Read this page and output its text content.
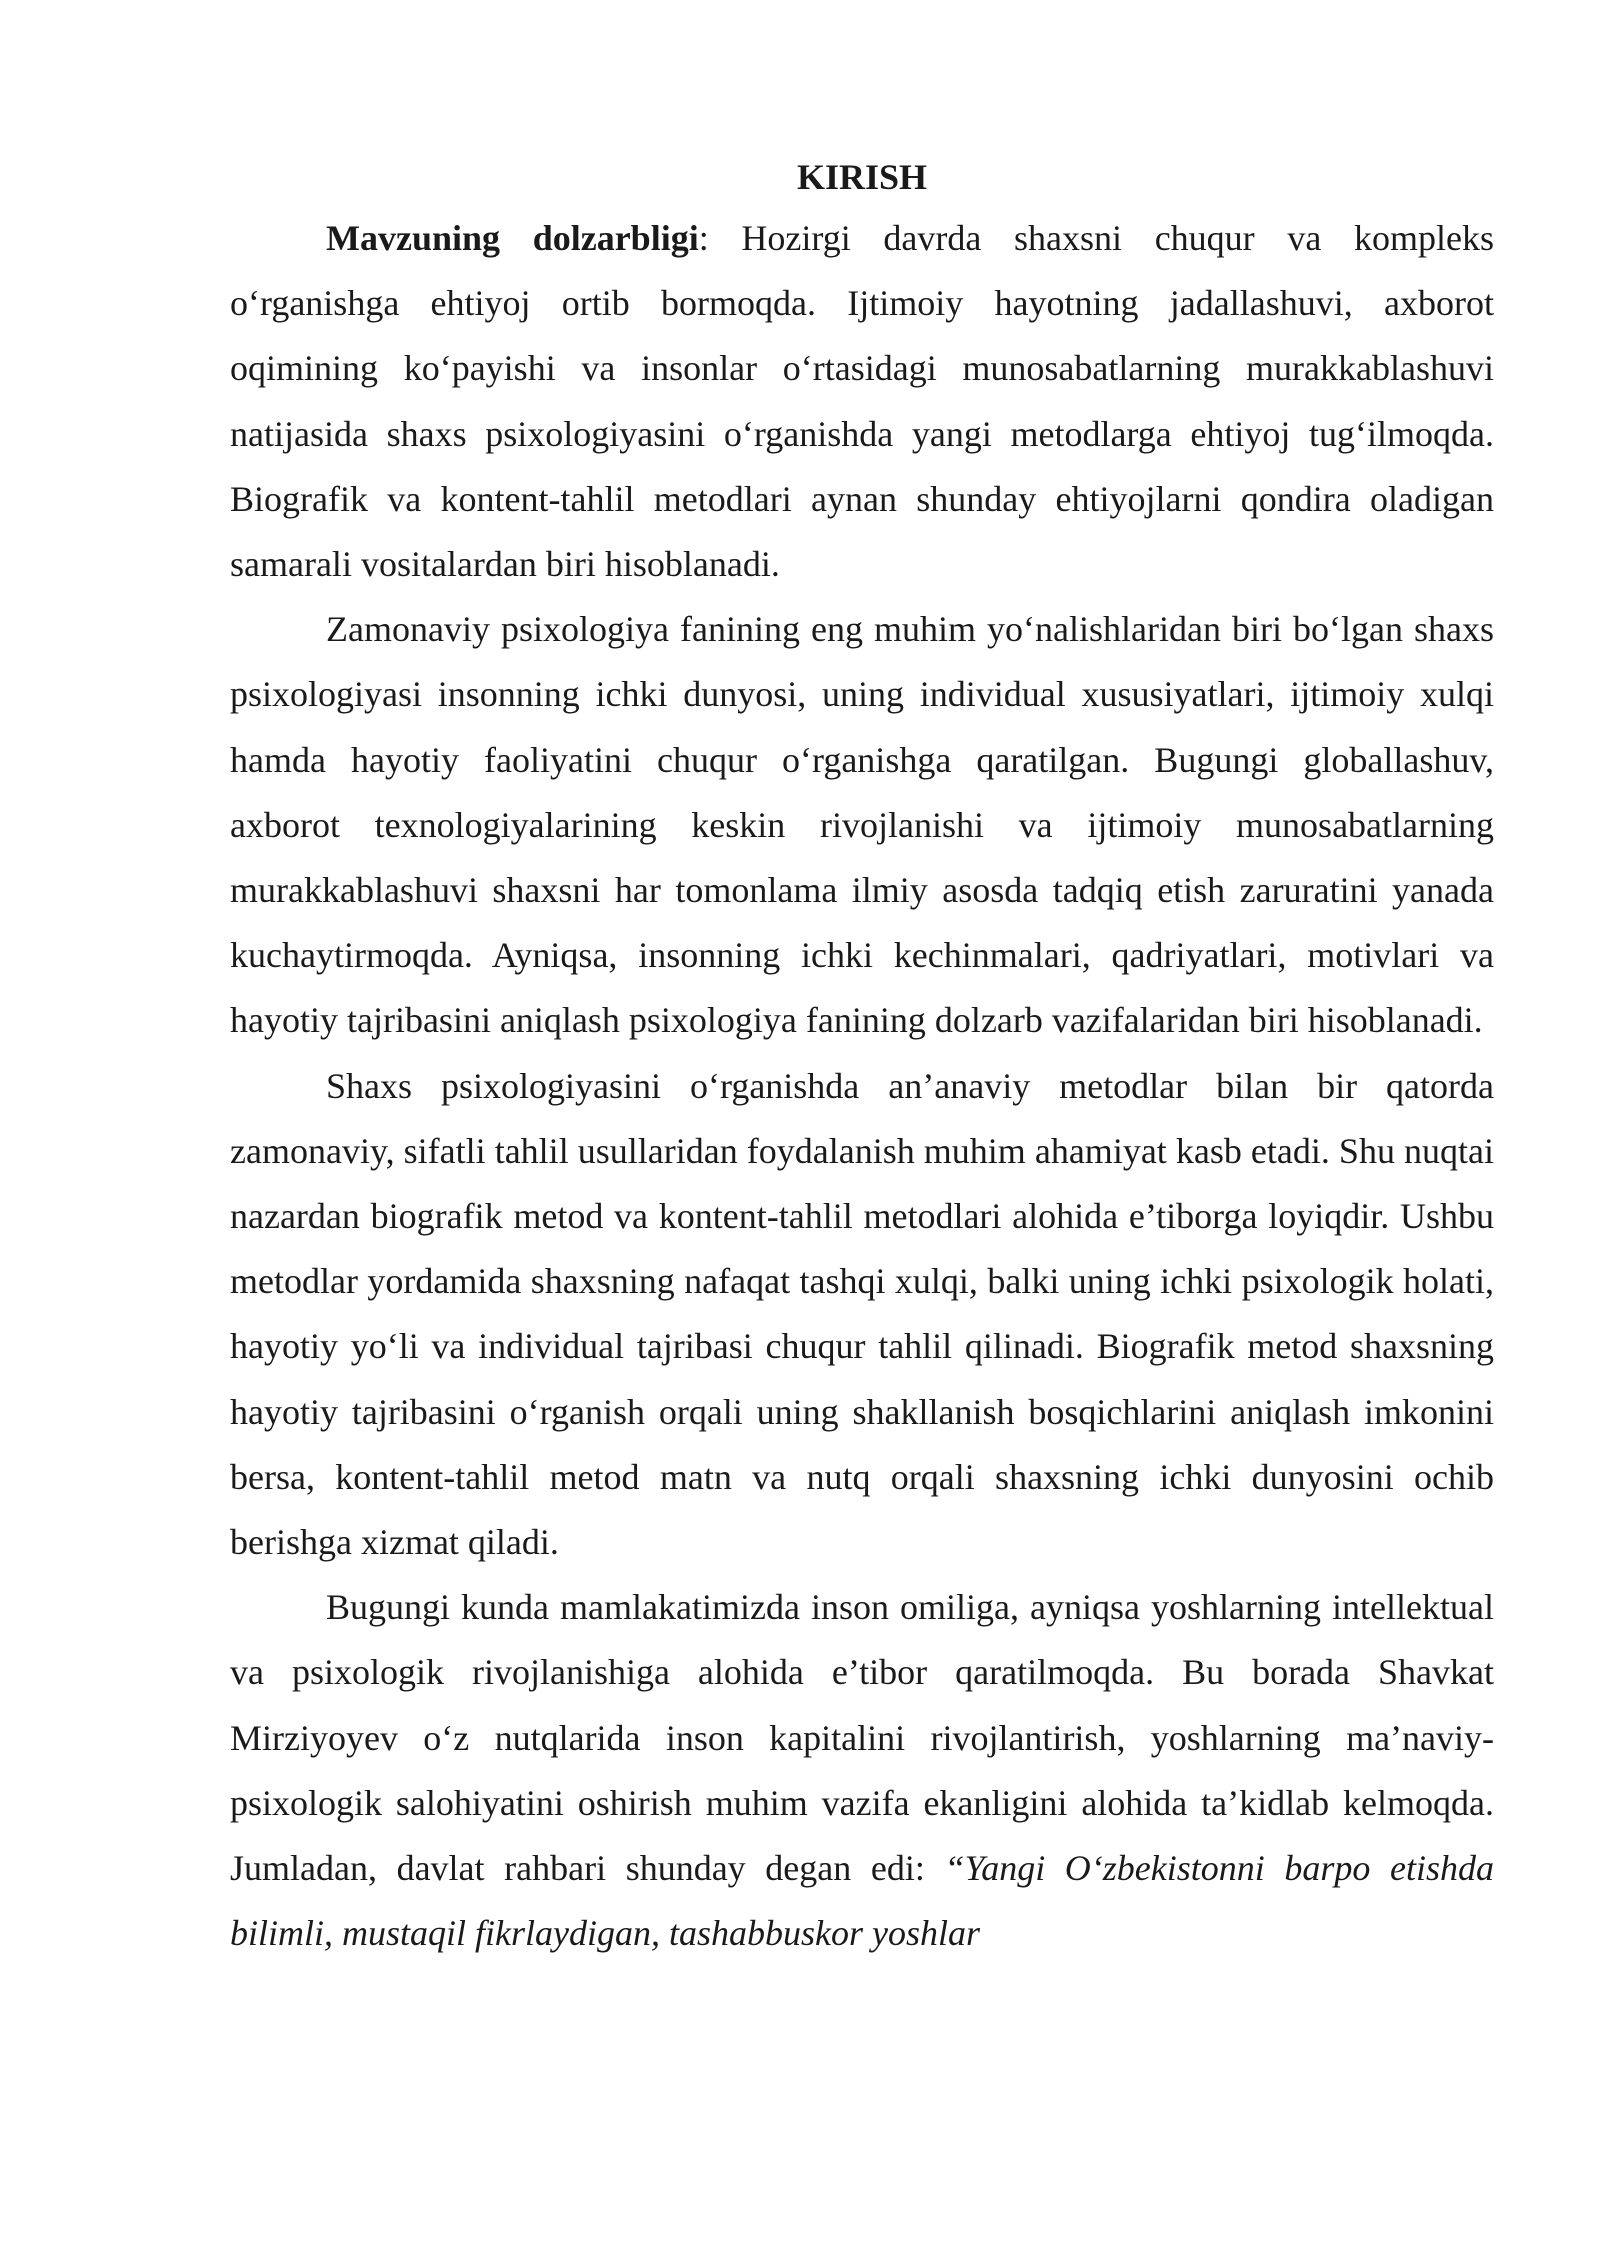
KIRISH

Mavzuning dolzarbligi: Hozirgi davrda shaxsni chuqur va kompleks o‘rganishga ehtiyoj ortib bormoqda. Ijtimoiy hayotning jadallashuvi, axborot oqimining ko‘payishi va insonlar o‘rtasidagi munosabatlarning murakkablashuvi natijasida shaxs psixologiyasini o‘rganishda yangi metodlarga ehtiyoj tug‘ilmoqda. Biografik va kontent-tahlil metodlari aynan shunday ehtiyojlarni qondira oladigan samarali vositalardan biri hisoblanadi.

Zamonaviy psixologiya fanining eng muhim yo‘nalishlaridan biri bo‘lgan shaxs psixologiyasi insonning ichki dunyosi, uning individual xususiyatlari, ijtimoiy xulqi hamda hayotiy faoliyatini chuqur o‘rganishga qaratilgan. Bugungi globallashuv, axborot texnologiyalarining keskin rivojlanishi va ijtimoiy munosabatlarning murakkablashuvi shaxsni har tomonlama ilmiy asosda tadqiq etish zaruratini yanada kuchaytirmoqda. Ayniqsa, insonning ichki kechinmalari, qadriyatlari, motivlari va hayotiy tajribasini aniqlash psixologiya fanining dolzarb vazifalaridan biri hisoblanadi.

Shaxs psixologiyasini o‘rganishda an’anaviy metodlar bilan bir qatorda zamonaviy, sifatli tahlil usullaridan foydalanish muhim ahamiyat kasb etadi. Shu nuqtai nazardan biografik metod va kontent-tahlil metodlari alohida e’tiborga loyiqdir. Ushbu metodlar yordamida shaxsning nafaqat tashqi xulqi, balki uning ichki psixologik holati, hayotiy yo‘li va individual tajribasi chuqur tahlil qilinadi. Biografik metod shaxsning hayotiy tajribasini o‘rganish orqali uning shakllanish bosqichlarini aniqlash imkonini bersa, kontent-tahlil metod matn va nutq orqali shaxsning ichki dunyosini ochib berishga xizmat qiladi.

Bugungi kunda mamlakatimizda inson omiliga, ayniqsa yoshlarning intellektual va psixologik rivojlanishiga alohida e’tibor qaratilmoqda. Bu borada Shavkat Mirziyoyev o‘z nutqlarida inson kapitalini rivojlantirish, yoshlarning ma’naviy-psixologik salohiyatini oshirish muhim vazifa ekanligini alohida ta’kidlab kelmoqda. Jumladan, davlat rahbari shunday degan edi: “Yangi O‘zbekistonni barpo etishda bilimli, mustaqil fikrlaydigan, tashabbuskor yoshlar
